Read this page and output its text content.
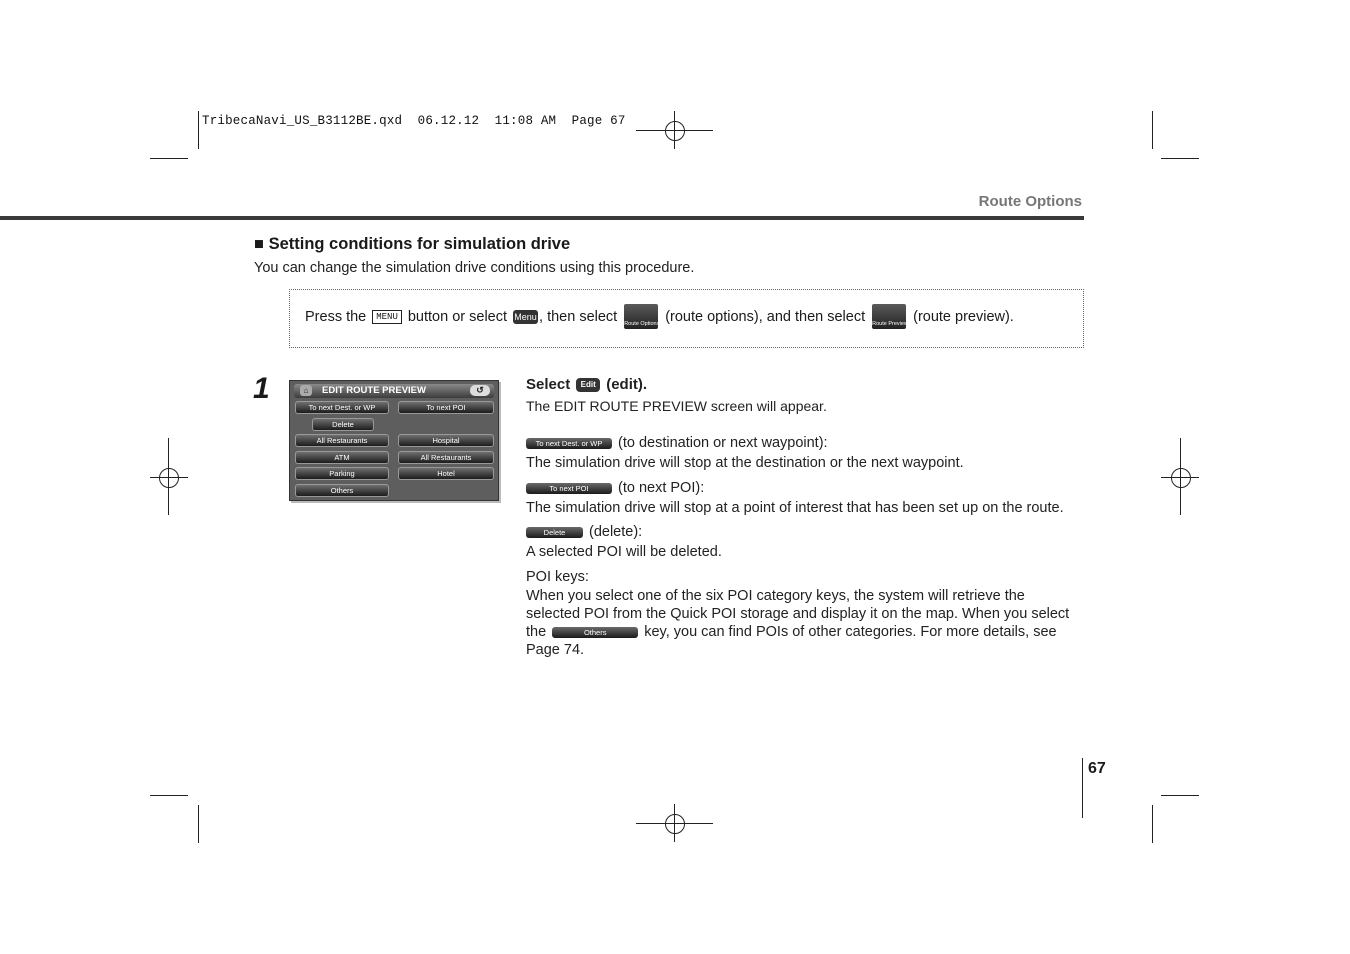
TribecaNavi_US_B3112BE.qxd  06.12.12  11:08 AM  Page 67
Route Options
■ Setting conditions for simulation drive
You can change the simulation drive conditions using this procedure.
Press the	MENU button or select Menu , then select Route Options (route options), and then select Route Preview (route preview).
1	⌂	EDIT ROUTE PREVIEW	↺
To next Dest. or WP	To next POI
Delete
All Restaurants	Hospital
ATM	All Restaurants
Parking	Hotel
Others
Select Edit (edit).
The EDIT ROUTE PREVIEW screen will appear.
To next Dest. or WP (to destination or next waypoint):
The simulation drive will stop at the destination or the next waypoint.
To next POI (to next POI):
The simulation drive will stop at a point of interest that has been set up on the route.
Delete (delete):
A selected POI will be deleted.
POI keys:
When you select one of the six POI category keys, the system will retrieve the
selected POI from the Quick POI storage and display it on the map. When you select
the	Others	key, you can find POIs of other categories. For more details, see
Page 74.
67
